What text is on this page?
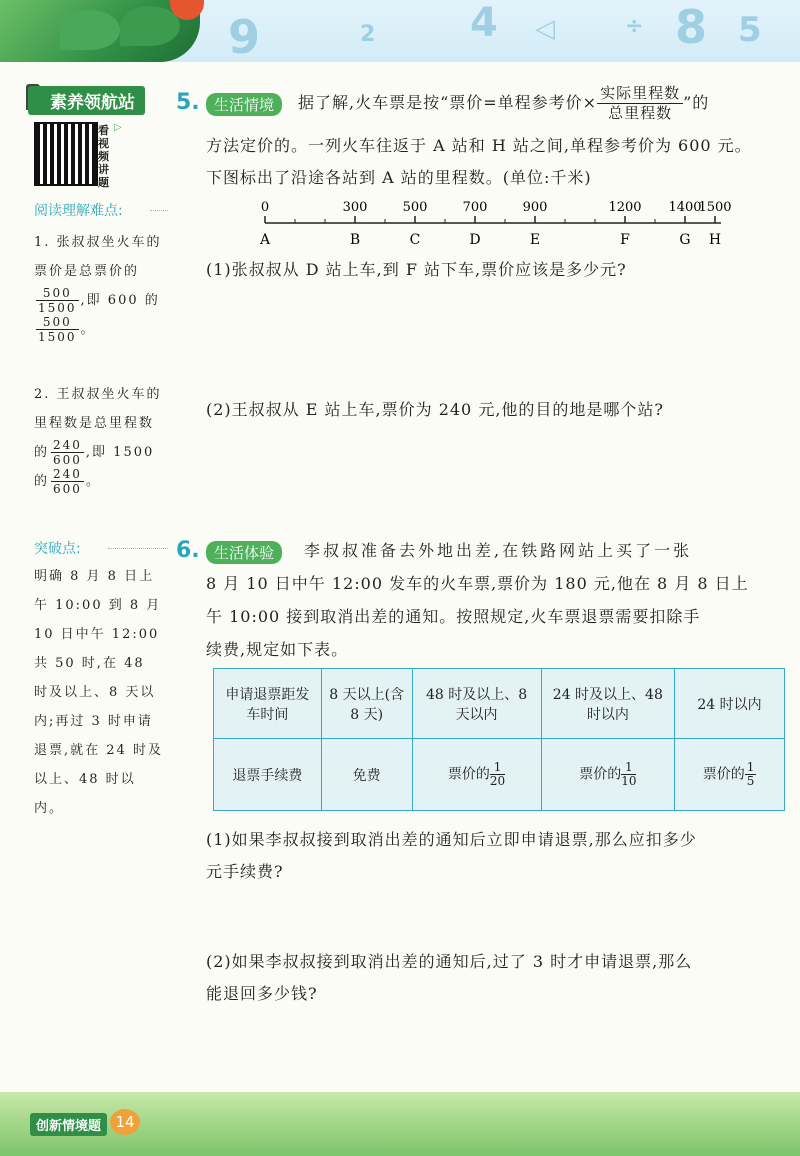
9	2 4 ◁	÷ 8 5
素养领航站
看视频讲题
▷
阅读理解难点:
1. 张叔叔坐火车的票价是总票价的
$\frac{500}{1500}$ ,即 600 的
$\frac{500}{1500}$ 。
2. 王叔叔坐火车的里程数是总里程数的 $\frac{240}{600}$ ,即 1500 的 $\frac{240}{600}$ 。
突破点:
明确 8 月 8 日上午 10:00 到 8 月 10 日中午 12:00 共 50 时,在 48 时及以上、8 天以内;再过 3 时申请退票,就在 24 时及以上、48 时以内。
5. 生活情境	据了解,火车票是按“票价=单程参考价× $\frac{\text{实际里程数}}{\text{总里程数}}$”的
方法定价的。一列火车往返于 A 站和 H 站之间,单程参考价为 600 元。
下图标出了沿途各站到 A 站的里程数。(单位:千米)
0
A
300
B
500
C
700
D
900
E
1200
F
1400
G
1500
H
(1)张叔叔从 D 站上车,到 F 站下车,票价应该是多少元?
(2)王叔叔从 E 站上车,票价为 240 元,他的目的地是哪个站?
6. 生活体验	李叔叔准备去外地出差,在铁路网站上买了一张
8 月 10 日中午 12:00 发车的火车票,票价为 180 元,他在 8 月 8 日上
午 10:00 接到取消出差的通知。按照规定,火车票退票需要扣除手
续费,规定如下表。
申请退票距发车时间	8 天以上(含 8 天)	48 时及以上、8 天以内	24 时及以上、48 时以内	24 时以内
退票手续费	免费	票价的 $\frac{1}{20}$	票价的 $\frac{1}{10}$	票价的 $\frac{1}{5}$
(1)如果李叔叔接到取消出差的通知后立即申请退票,那么应扣多少
元手续费?
(2)如果李叔叔接到取消出差的通知后,过了 3 时才申请退票,那么
能退回多少钱?
创新情境题 14
